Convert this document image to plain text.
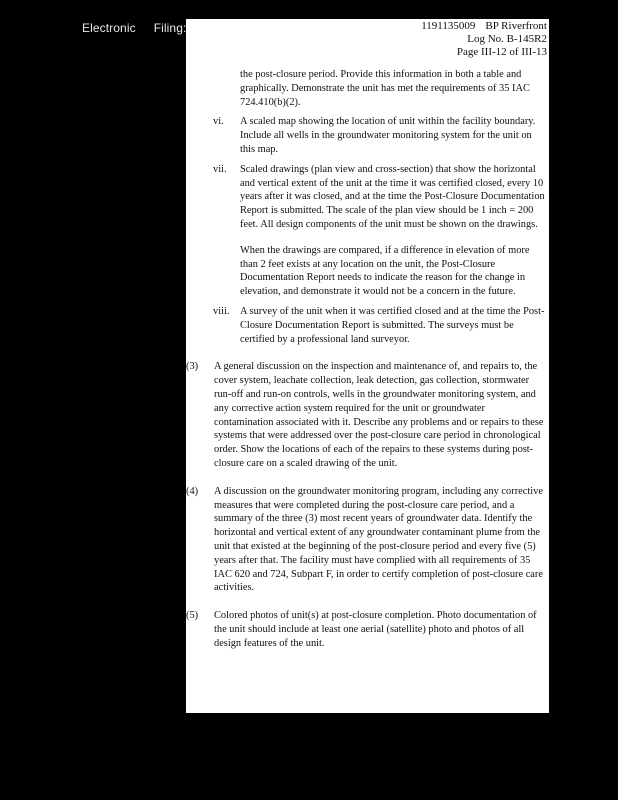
Electronic Filing:	1191135009 BP Riverfront
Log No. B-145R2
Page III-12 of III-13

the post-closure period. Provide this information in both a table and graphically. Demonstrate the unit has met the requirements of 35 IAC 724.410(b)(2).

vi. A scaled map showing the location of unit within the facility boundary. Include all wells in the groundwater monitoring system for the unit on this map.

vii. Scaled drawings (plan view and cross-section) that show the horizontal and vertical extent of the unit at the time it was certified closed, every 10 years after it was closed, and at the time the Post-Closure Documentation Report is submitted. The scale of the plan view should be 1 inch = 200 feet. All design components of the unit must be shown on the drawings.

When the drawings are compared, if a difference in elevation of more than 2 feet exists at any location on the unit, the Post-Closure Documentation Report needs to indicate the reason for the change in elevation, and demonstrate it would not be a concern in the future.

viii. A survey of the unit when it was certified closed and at the time the Post-Closure Documentation Report is submitted. The surveys must be certified by a professional land surveyor.

(3) A general discussion on the inspection and maintenance of, and repairs to, the cover system, leachate collection, leak detection, gas collection, stormwater run-off and run-on controls, wells in the groundwater monitoring system, and any corrective action system required for the unit or groundwater contamination associated with it. Describe any problems and or repairs to these systems that were addressed over the post-closure care period in chronological order. Show the locations of each of the repairs to these systems during post-closure care on a scaled drawing of the unit.

(4) A discussion on the groundwater monitoring program, including any corrective measures that were completed during the post-closure care period, and a summary of the three (3) most recent years of groundwater data. Identify the horizontal and vertical extent of any groundwater contaminant plume from the unit that existed at the beginning of the post-closure period and every five (5) years after that. The facility must have complied with all requirements of 35 IAC 620 and 724, Subpart F, in order to certify completion of post-closure care activities.

(5) Colored photos of unit(s) at post-closure completion. Photo documentation of the unit should include at least one aerial (satellite) photo and photos of all design features of the unit.
